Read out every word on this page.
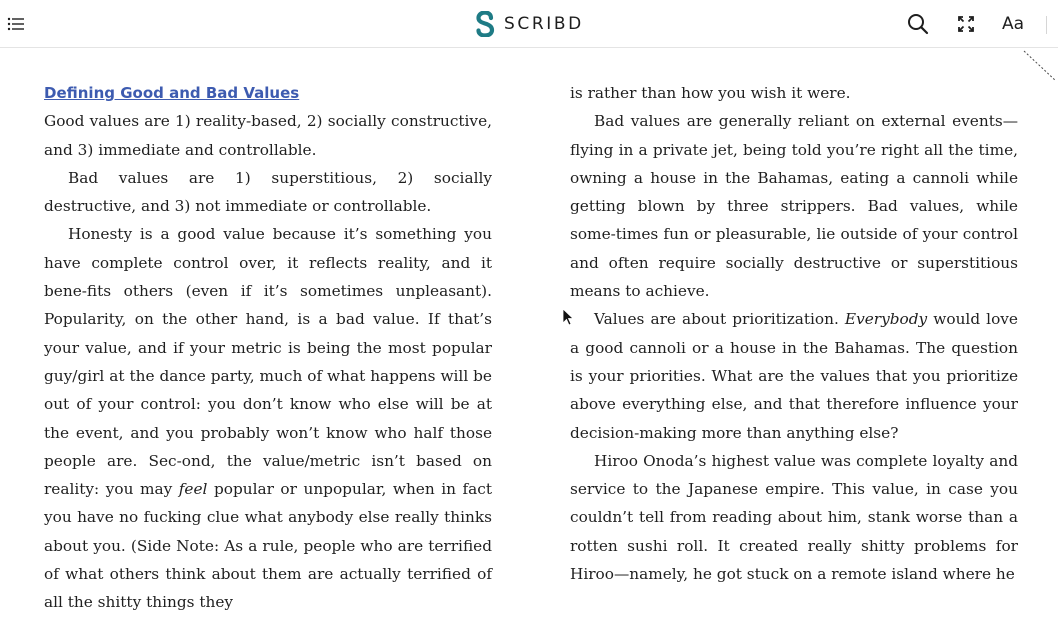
SCRIBD	Aa

Defining Good and Bad Values

Good values are 1) reality-based, 2) socially constructive, and 3) immediate and controllable.

Bad values are 1) superstitious, 2) socially destructive, and 3) not immediate or controllable.

Honesty is a good value because it’s something you have complete control over, it reflects reality, and it bene-fits others (even if it’s sometimes unpleasant). Popularity, on the other hand, is a bad value. If that’s your value, and if your metric is being the most popular guy/girl at the dance party, much of what happens will be out of your control: you don’t know who else will be at the event, and you probably won’t know who half those people are. Sec-ond, the value/metric isn’t based on reality: you may feel popular or unpopular, when in fact you have no fucking clue what anybody else really thinks about you. (Side Note: As a rule, people who are terrified of what others think about them are actually terrified of all the shitty things they

is rather than how you wish it were.

Bad values are generally reliant on external events—flying in a private jet, being told you’re right all the time, owning a house in the Bahamas, eating a cannoli while getting blown by three strippers. Bad values, while some-times fun or pleasurable, lie outside of your control and often require socially destructive or superstitious means to achieve.

Values are about prioritization. Everybody would love a good cannoli or a house in the Bahamas. The question is your priorities. What are the values that you prioritize above everything else, and that therefore influence your decision-making more than anything else?

Hiroo Onoda’s highest value was complete loyalty and service to the Japanese empire. This value, in case you couldn’t tell from reading about him, stank worse than a rotten sushi roll. It created really shitty problems for Hiroo—namely, he got stuck on a remote island where he
